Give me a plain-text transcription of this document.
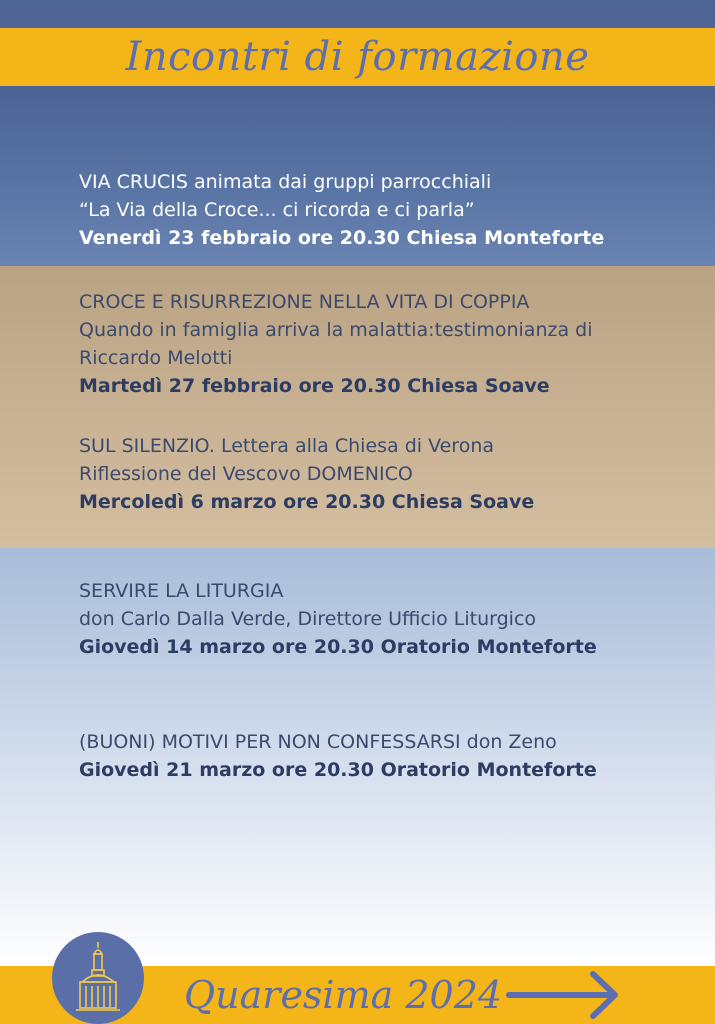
Incontri di formazione
VIA CRUCIS animata dai gruppi parrocchiali
“La Via della Croce... ci ricorda e ci parla”
Venerdì 23 febbraio ore 20.30 Chiesa Monteforte
CROCE E RISURREZIONE NELLA VITA DI COPPIA
Quando in famiglia arriva la malattia:testimonianza di
Riccardo Melotti
Martedì 27 febbraio ore 20.30 Chiesa Soave
SUL SILENZIO. Lettera alla Chiesa di Verona
Riflessione del Vescovo DOMENICO
Mercoledì 6 marzo ore 20.30 Chiesa Soave
SERVIRE LA LITURGIA
don Carlo Dalla Verde, Direttore Ufficio Liturgico
Giovedì 14 marzo ore 20.30 Oratorio Monteforte
(BUONI) MOTIVI PER NON CONFESSARSI don Zeno
Giovedì 21 marzo ore 20.30 Oratorio Monteforte
Quaresima 2024
